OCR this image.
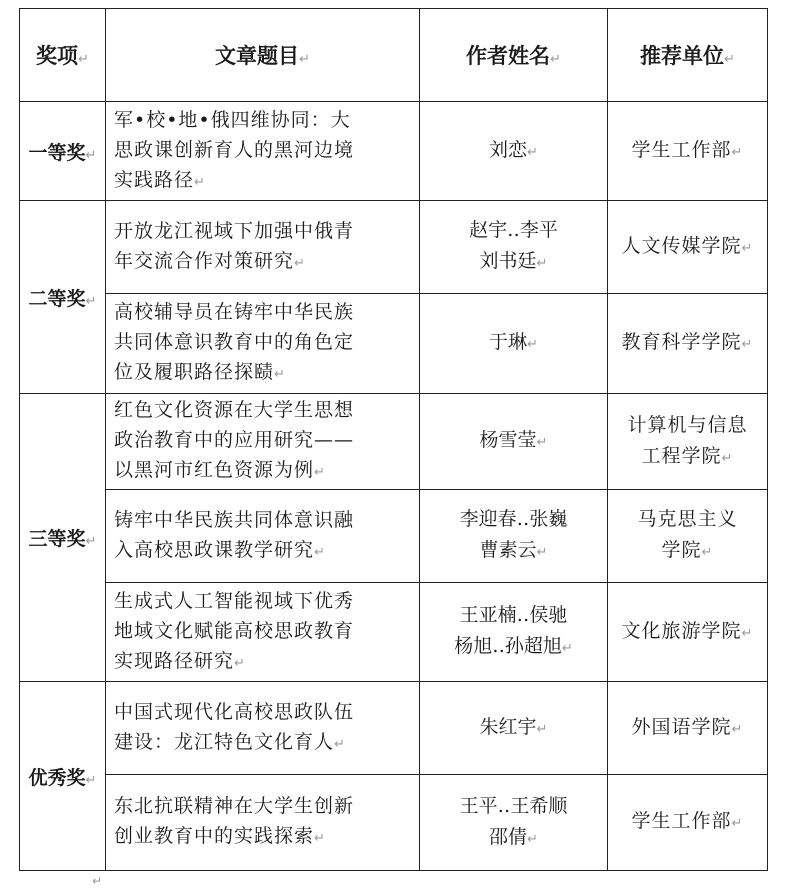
奖项↵	文章题目↵	作者姓名↵	推荐单位↵
一等奖↵	军•校•地•俄四维协同：大
思政课创新育人的黑河边境
实践路径↵	刘恋↵	学生工作部↵

二等奖↵	开放龙江视域下加强中俄青
年交流合作对策研究↵	赵宇‥李平
刘书廷↵	人文传媒学院↵

	高校辅导员在铸牢中华民族
共同体意识教育中的角色定
位及履职路径探赜↵	于琳↵	教育科学学院↵

三等奖↵	红色文化资源在大学生思想
政治教育中的应用研究——
以黑河市红色资源为例↵	杨雪莹↵	计算机与信息
工程学院↵

	铸牢中华民族共同体意识融
入高校思政课教学研究↵	李迎春‥张巍
曹素云↵	马克思主义
学院↵

	生成式人工智能视域下优秀
地域文化赋能高校思政教育
实现路径研究↵	王亚楠‥侯驰
杨旭‥孙超旭↵	文化旅游学院↵

优秀奖↵	中国式现代化高校思政队伍
建设：龙江特色文化育人↵	朱红宇↵	外国语学院↵

	东北抗联精神在大学生创新
创业教育中的实践探索↵	王平‥王希顺
邵倩↵	学生工作部↵
↵
